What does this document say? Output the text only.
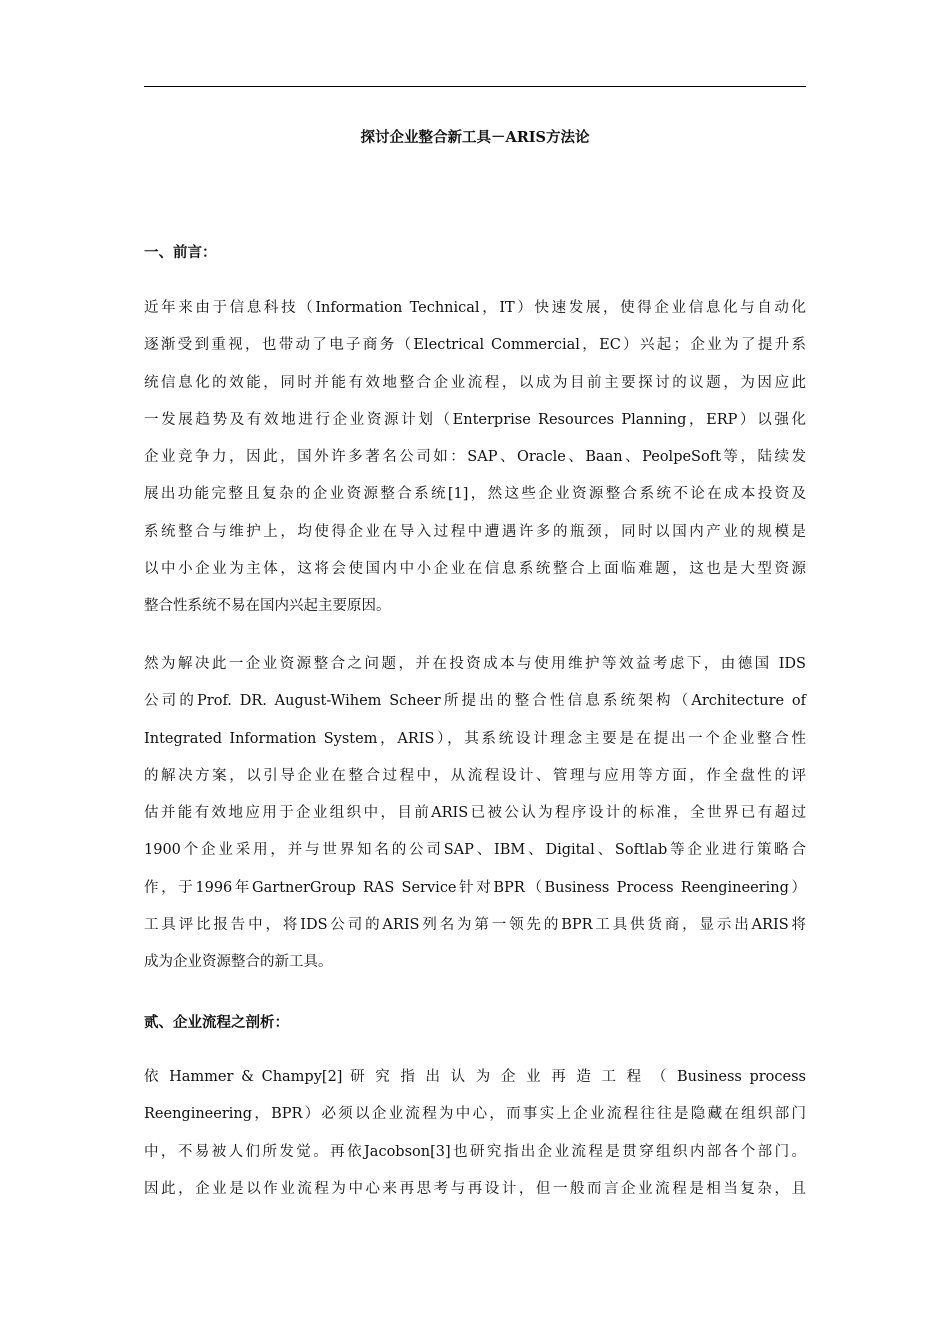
探讨企业整合新工具－ARIS方法论
一、前言：
近年来由于信息科技（Information Technical，IT）快速发展，使得企业信息化与自动化
逐渐受到重视，也带动了电子商务（Electrical Commercial，EC）兴起；企业为了提升系
统信息化的效能，同时并能有效地整合企业流程，以成为目前主要探讨的议题，为因应此
一发展趋势及有效地进行企业资源计划（Enterprise Resources Planning，ERP）以强化
企业竞争力，因此，国外许多著名公司如：SAP、Oracle、Baan、PeolpeSoft等，陆续发
展出功能完整且复杂的企业资源整合系统[1]，然这些企业资源整合系统不论在成本投资及
系统整合与维护上，均使得企业在导入过程中遭遇许多的瓶颈，同时以国内产业的规模是
以中小企业为主体，这将会使国内中小企业在信息系统整合上面临难题，这也是大型资源
整合性系统不易在国内兴起主要原因。
然为解决此一企业资源整合之问题，并在投资成本与使用维护等效益考虑下，由德国 IDS
公司的Prof. DR. August-Wihem Scheer所提出的整合性信息系统架构（Architecture of
Integrated Information System，ARIS），其系统设计理念主要是在提出一个企业整合性
的解决方案，以引导企业在整合过程中，从流程设计、管理与应用等方面，作全盘性的评
估并能有效地应用于企业组织中，目前ARIS已被公认为程序设计的标准，全世界已有超过
1900个企业采用，并与世界知名的公司SAP、IBM、Digital、Softlab等企业进行策略合
作，于1996年GartnerGroup RAS Service针对BPR（Business Process Reengineering）
工具评比报告中，将IDS公司的ARIS列名为第一领先的BPR工具供货商，显示出ARIS将
成为企业资源整合的新工具。
贰、企业流程之剖析：
依 Hammer & Champy[2] 研 究 指 出 认 为 企 业 再 造 工 程 （ Business process
Reengineering，BPR）必须以企业流程为中心，而事实上企业流程往往是隐藏在组织部门
中，不易被人们所发觉。再依Jacobson[3]也研究指出企业流程是贯穿组织内部各个部门。
因此，企业是以作业流程为中心来再思考与再设计，但一般而言企业流程是相当复杂，且
